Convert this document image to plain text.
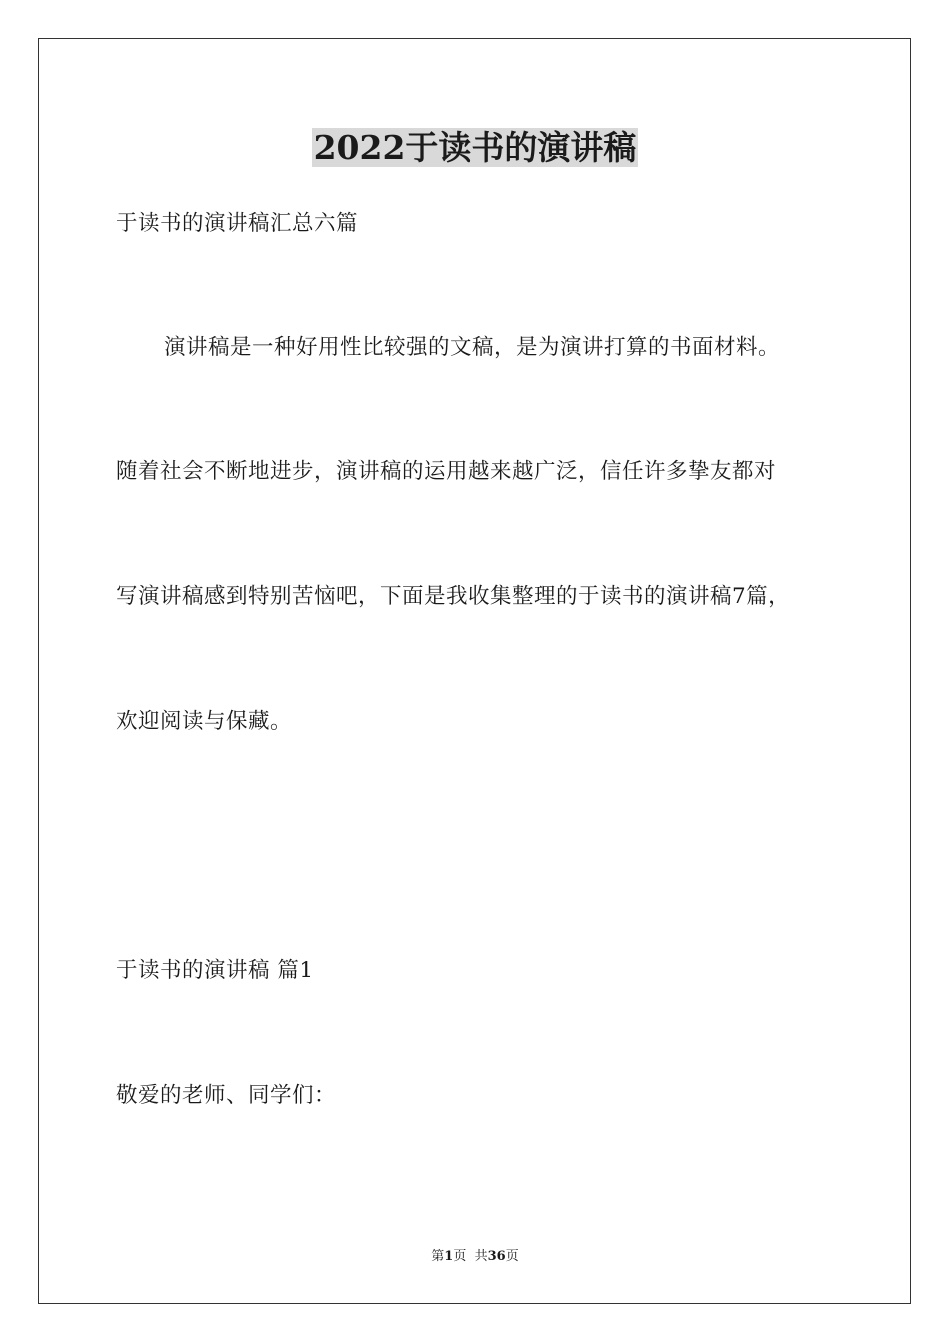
2022于读书的演讲稿
于读书的演讲稿汇总六篇
演讲稿是一种好用性比较强的文稿，是为演讲打算的书面材料。
随着社会不断地进步，演讲稿的运用越来越广泛，信任许多挚友都对
写演讲稿感到特别苦恼吧，下面是我收集整理的于读书的演讲稿7篇，
欢迎阅读与保藏。
于读书的演讲稿 篇1
敬爱的老师、同学们：
第1页  共36页
